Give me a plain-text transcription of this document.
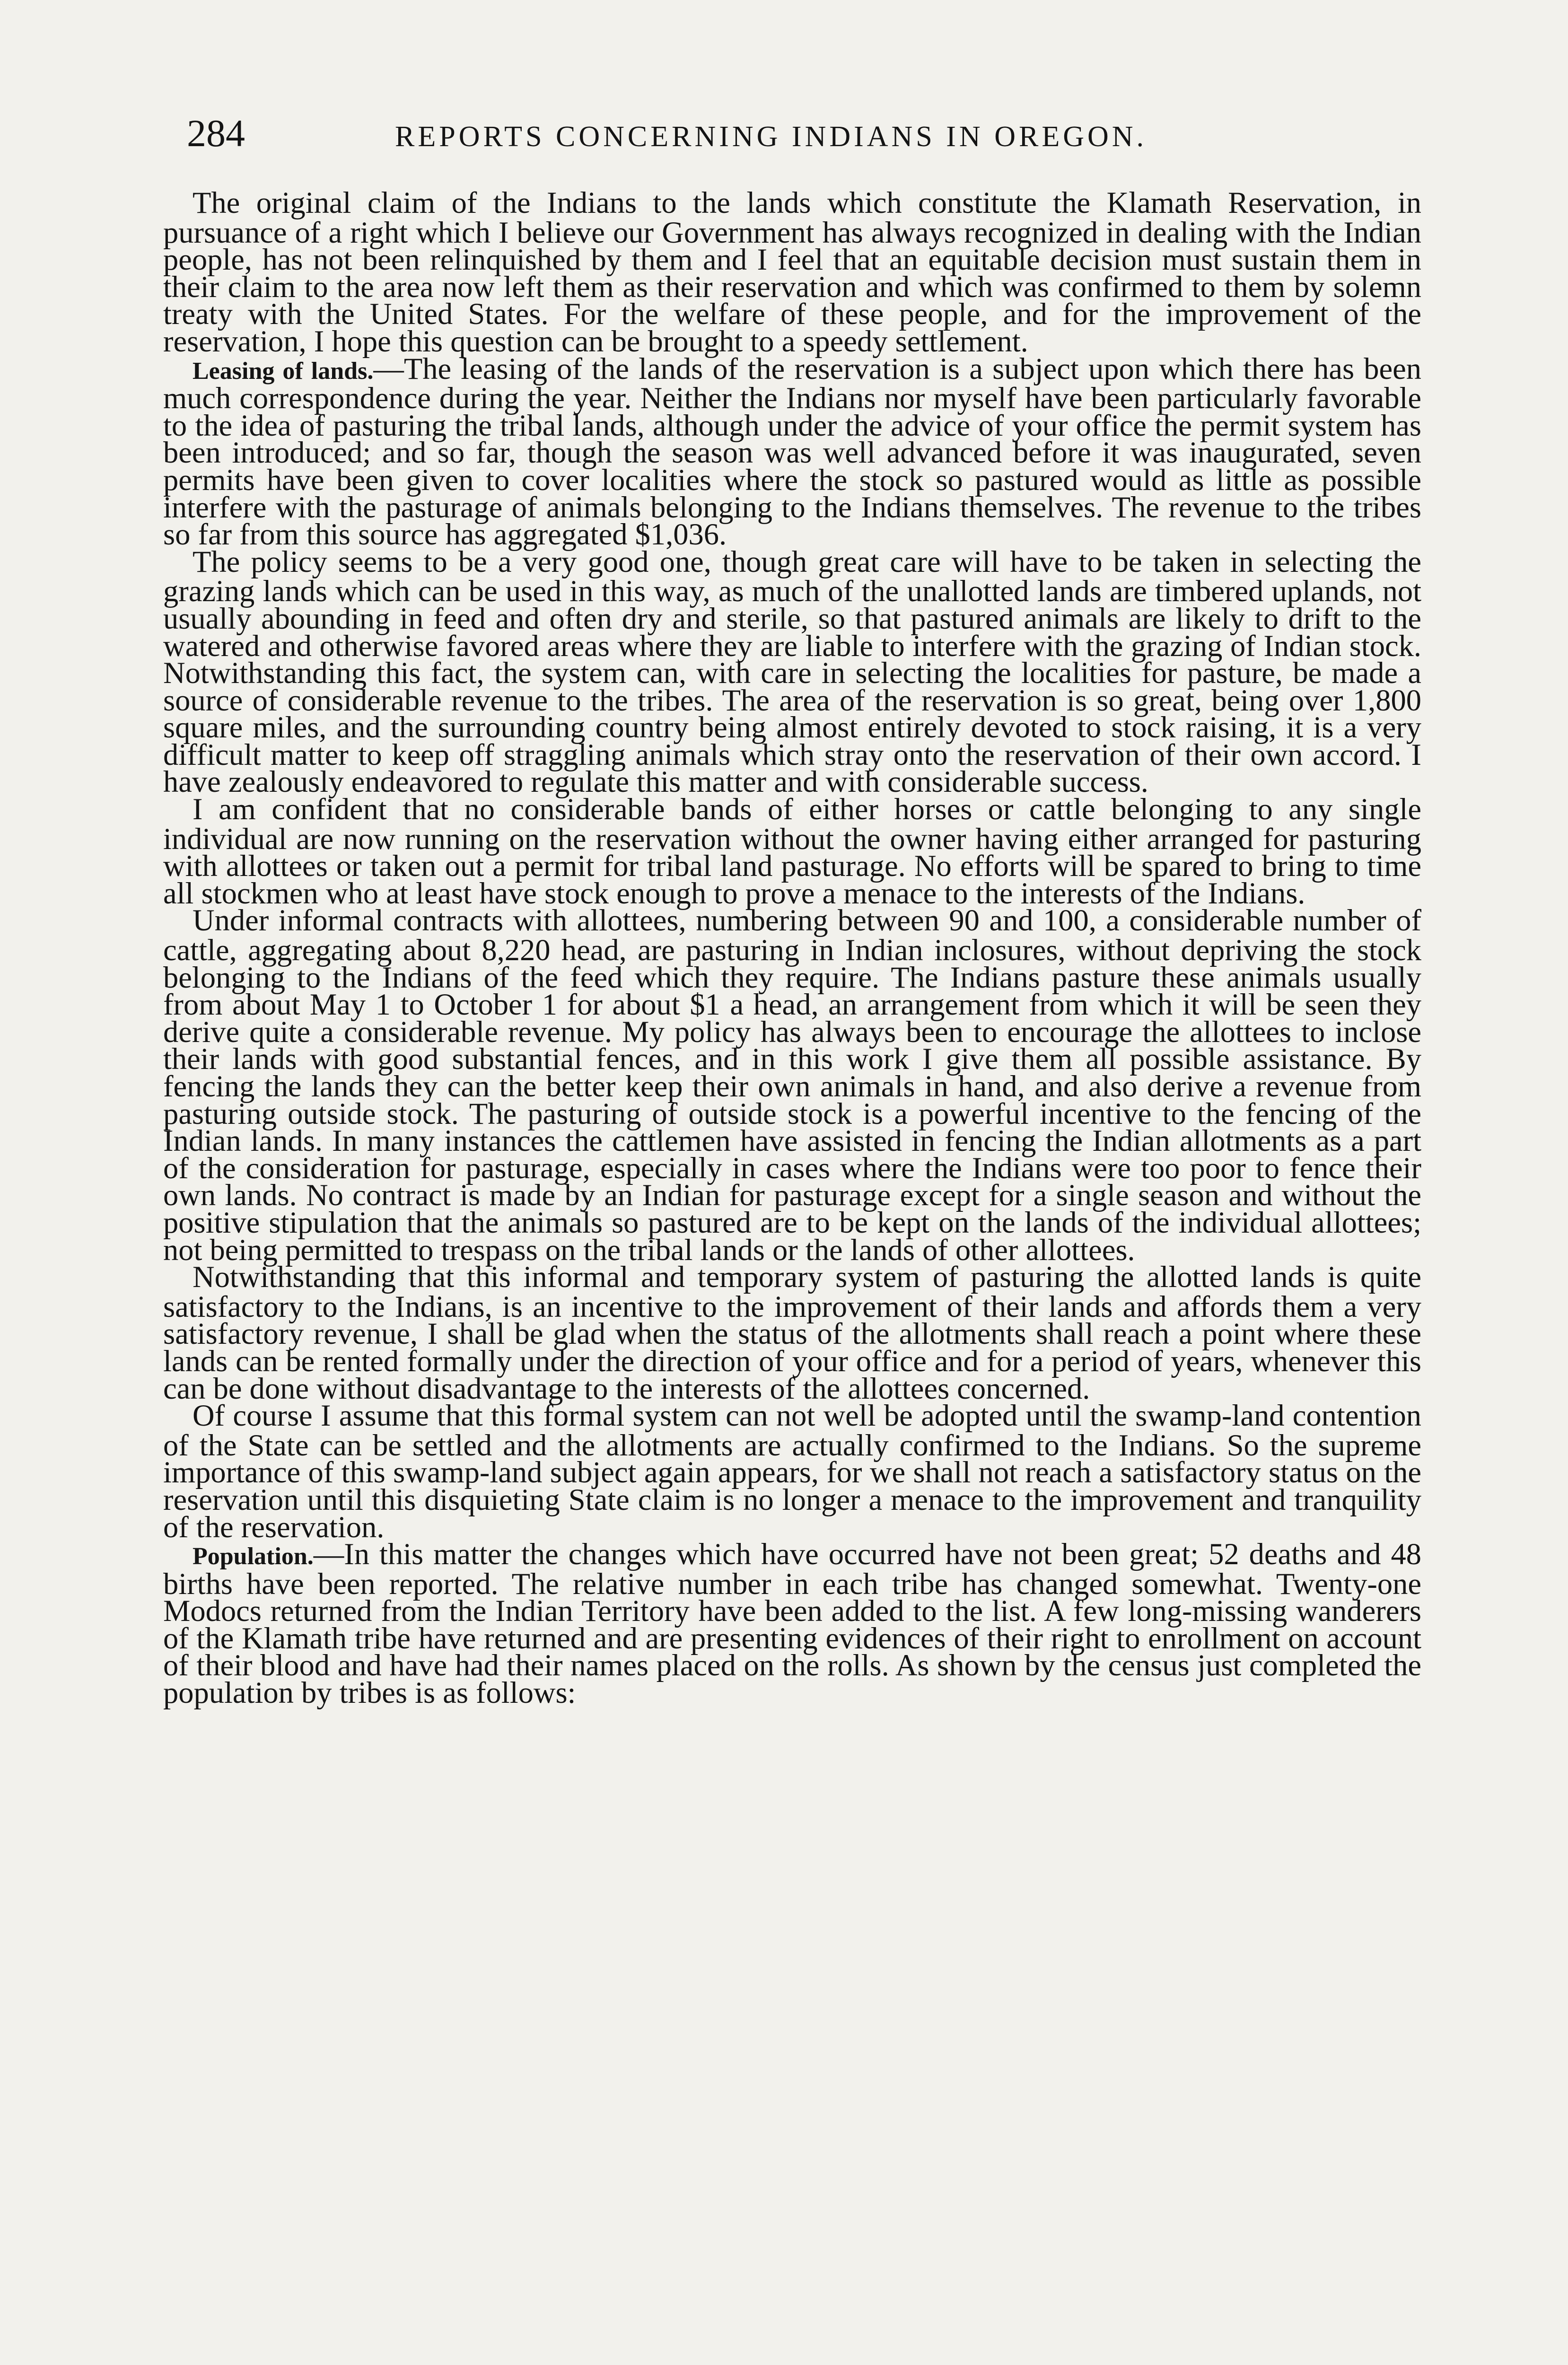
284	REPORTS CONCERNING INDIANS IN OREGON.

The original claim of the Indians to the lands which constitute the Klamath Reservation, in pursuance of a right which I believe our Government has always recognized in dealing with the Indian people, has not been relinquished by them and I feel that an equitable decision must sustain them in their claim to the area now left them as their reservation and which was confirmed to them by solemn treaty with the United States. For the welfare of these people, and for the improvement of the reservation, I hope this question can be brought to a speedy settlement.

Leasing of lands.—The leasing of the lands of the reservation is a subject upon which there has been much correspondence during the year. Neither the Indians nor myself have been particularly favorable to the idea of pasturing the tribal lands, although under the advice of your office the permit system has been introduced; and so far, though the season was well advanced before it was inaugurated, seven permits have been given to cover localities where the stock so pastured would as little as possible interfere with the pasturage of animals belonging to the Indians themselves. The revenue to the tribes so far from this source has aggregated $1,036.

The policy seems to be a very good one, though great care will have to be taken in selecting the grazing lands which can be used in this way, as much of the unallotted lands are timbered uplands, not usually abounding in feed and often dry and sterile, so that pastured animals are likely to drift to the watered and otherwise favored areas where they are liable to interfere with the grazing of Indian stock. Notwithstanding this fact, the system can, with care in selecting the localities for pasture, be made a source of considerable revenue to the tribes. The area of the reservation is so great, being over 1,800 square miles, and the surrounding country being almost entirely devoted to stock raising, it is a very difficult matter to keep off straggling animals which stray onto the reservation of their own accord. I have zealously endeavored to regulate this matter and with considerable success.

I am confident that no considerable bands of either horses or cattle belonging to any single individual are now running on the reservation without the owner having either arranged for pasturing with allottees or taken out a permit for tribal land pasturage. No efforts will be spared to bring to time all stockmen who at least have stock enough to prove a menace to the interests of the Indians.

Under informal contracts with allottees, numbering between 90 and 100, a considerable number of cattle, aggregating about 8,220 head, are pasturing in Indian inclosures, without depriving the stock belonging to the Indians of the feed which they require. The Indians pasture these animals usually from about May 1 to October 1 for about $1 a head, an arrangement from which it will be seen they derive quite a considerable revenue. My policy has always been to encourage the allottees to inclose their lands with good substantial fences, and in this work I give them all possible assistance. By fencing the lands they can the better keep their own animals in hand, and also derive a revenue from pasturing outside stock. The pasturing of outside stock is a powerful incentive to the fencing of the Indian lands. In many instances the cattlemen have assisted in fencing the Indian allotments as a part of the consideration for pasturage, especially in cases where the Indians were too poor to fence their own lands. No contract is made by an Indian for pasturage except for a single season and without the positive stipulation that the animals so pastured are to be kept on the lands of the individual allottees; not being permitted to trespass on the tribal lands or the lands of other allottees.

Notwithstanding that this informal and temporary system of pasturing the allotted lands is quite satisfactory to the Indians, is an incentive to the improvement of their lands and affords them a very satisfactory revenue, I shall be glad when the status of the allotments shall reach a point where these lands can be rented formally under the direction of your office and for a period of years, whenever this can be done without disadvantage to the interests of the allottees concerned.

Of course I assume that this formal system can not well be adopted until the swamp-land contention of the State can be settled and the allotments are actually confirmed to the Indians. So the supreme importance of this swamp-land subject again appears, for we shall not reach a satisfactory status on the reservation until this disquieting State claim is no longer a menace to the improvement and tranquility of the reservation.

Population.—In this matter the changes which have occurred have not been great; 52 deaths and 48 births have been reported. The relative number in each tribe has changed somewhat. Twenty-one Modocs returned from the Indian Territory have been added to the list. A few long-missing wanderers of the Klamath tribe have returned and are presenting evidences of their right to enrollment on account of their blood and have had their names placed on the rolls. As shown by the census just completed the population by tribes is as follows:
